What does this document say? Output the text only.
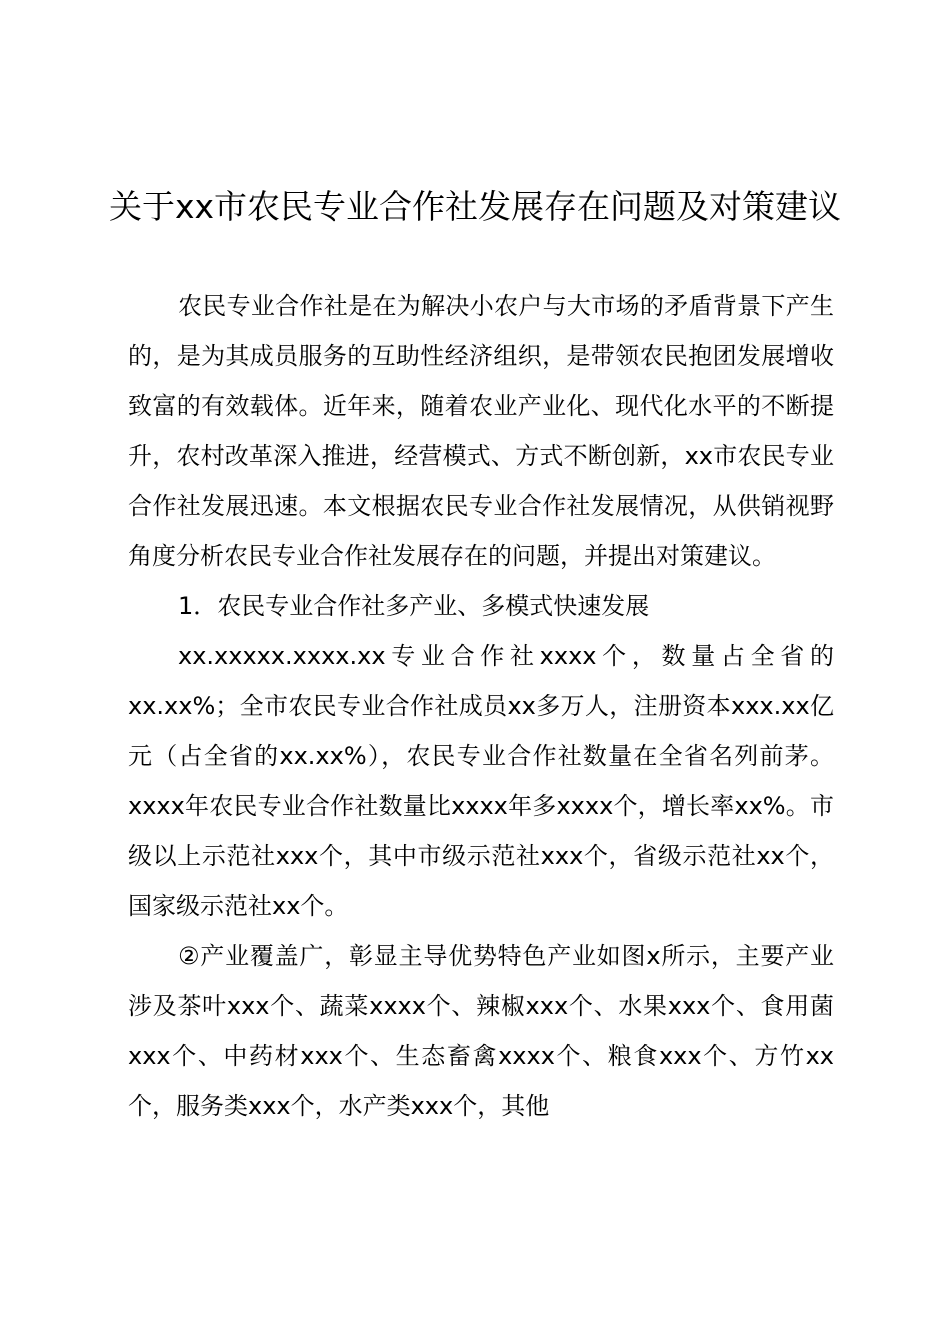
关于xx市农民专业合作社发展存在问题及对策建议

农民专业合作社是在为解决小农户与大市场的矛盾背景下产生的，是为其成员服务的互助性经济组织，是带领农民抱团发展增收致富的有效载体。近年来，随着农业产业化、现代化水平的不断提升，农村改革深入推进，经营模式、方式不断创新，xx市农民专业合作社发展迅速。本文根据农民专业合作社发展情况，从供销视野角度分析农民专业合作社发展存在的问题，并提出对策建议。

1．农民专业合作社多产业、多模式快速发展

xx.xxxxx.xxxx.xx专业合作社xxxx个，数量占全省的xx.xx%；全市农民专业合作社成员xx多万人，注册资本xxx.xx亿元（占全省的xx.xx%），农民专业合作社数量在全省名列前茅。xxxx年农民专业合作社数量比xxxx年多xxxx个，增长率xx%。市级以上示范社xxx个，其中市级示范社xxx个，省级示范社xx个，国家级示范社xx个。

②产业覆盖广，彰显主导优势特色产业如图x所示，主要产业涉及茶叶xxx个、蔬菜xxxx个、辣椒xxx个、水果xxx个、食用菌xxx个、中药材xxx个、生态畜禽xxxx个、粮食xxx个、方竹xx个，服务类xxx个，水产类xxx个，其他
